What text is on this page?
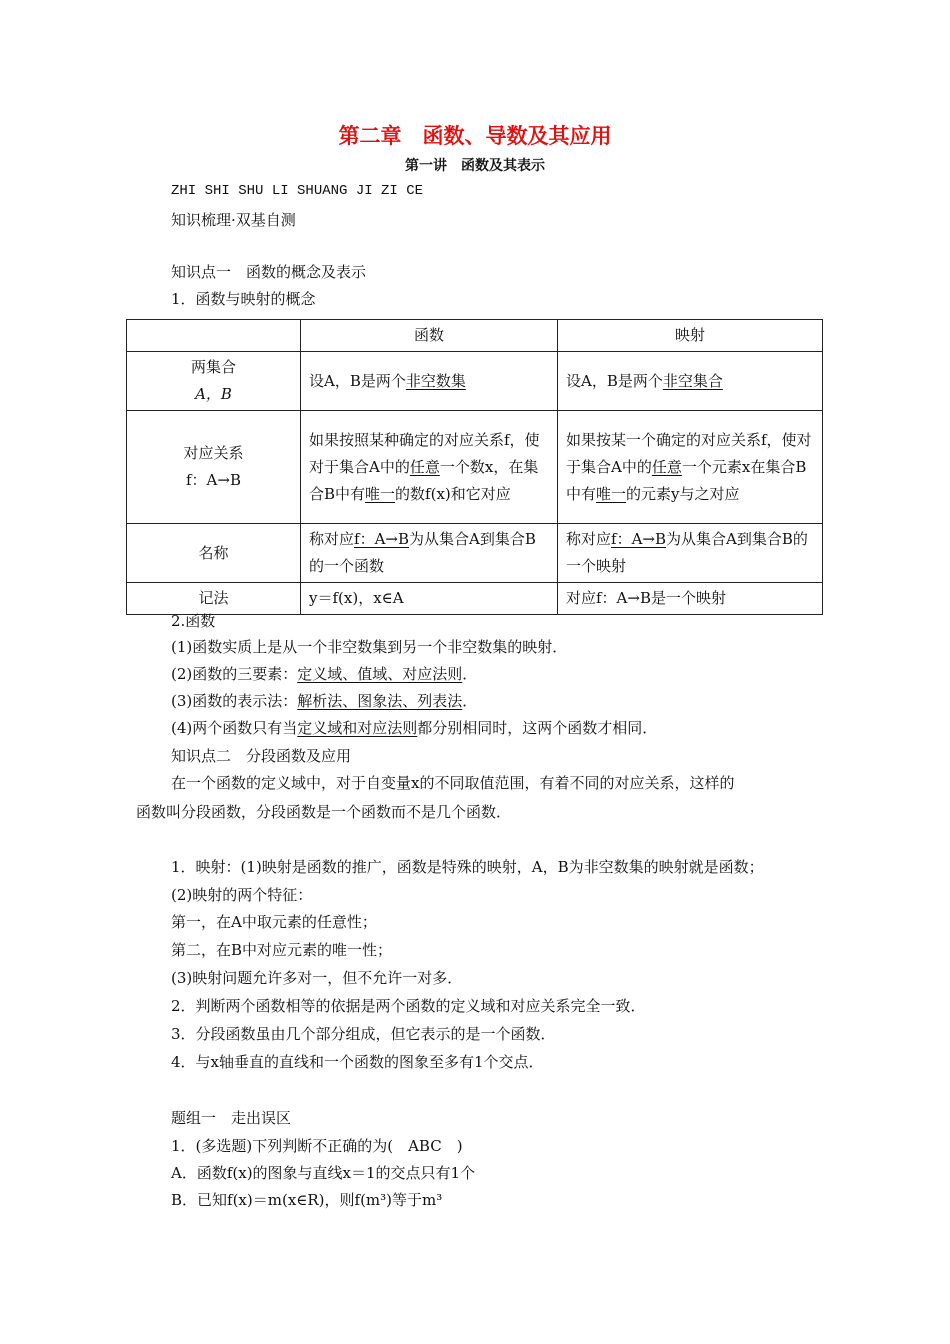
第二章　函数、导数及其应用
第一讲　函数及其表示
ZHI SHI SHU LI SHUANG JI ZI CE
知识梳理·双基自测
知识点一　函数的概念及表示
1．函数与映射的概念
	函数	映射

两集合
A，B	设A，B是两个非空数集	设A，B是两个非空集合

对应关系
f：A→B	如果按照某种确定的对应关系f，使对于集合A中的任意一个数x，在集合B中有唯一的数f(x)和它对应	如果按某一个确定的对应关系f，使对于集合A中的任意一个元素x在集合B中有唯一的元素y与之对应
名称	称对应f：A→B为从集合A到集合B的一个函数	称对应f：A→B为从集合A到集合B的一个映射
记法	y＝f(x)，x∈A	对应f：A→B是一个映射
2.函数
(1)函数实质上是从一个非空数集到另一个非空数集的映射．
(2)函数的三要素：定义域、值域、对应法则．
(3)函数的表示法：解析法、图象法、列表法．
(4)两个函数只有当定义域和对应法则都分别相同时，这两个函数才相同．
知识点二　分段函数及应用
在一个函数的定义域中，对于自变量x的不同取值范围，有着不同的对应关系，这样的
函数叫分段函数，分段函数是一个函数而不是几个函数．
1．映射：(1)映射是函数的推广，函数是特殊的映射，A，B为非空数集的映射就是函数；
(2)映射的两个特征：
第一，在A中取元素的任意性；
第二，在B中对应元素的唯一性；
(3)映射问题允许多对一，但不允许一对多．
2．判断两个函数相等的依据是两个函数的定义域和对应关系完全一致．
3．分段函数虽由几个部分组成，但它表示的是一个函数．
4．与x轴垂直的直线和一个函数的图象至多有1个交点．
题组一　走出误区
1．(多选题)下列判断不正确的为(　ABC　)
A．函数f(x)的图象与直线x＝1的交点只有1个
B．已知f(x)＝m(x∈R)，则f(m³)等于m³
